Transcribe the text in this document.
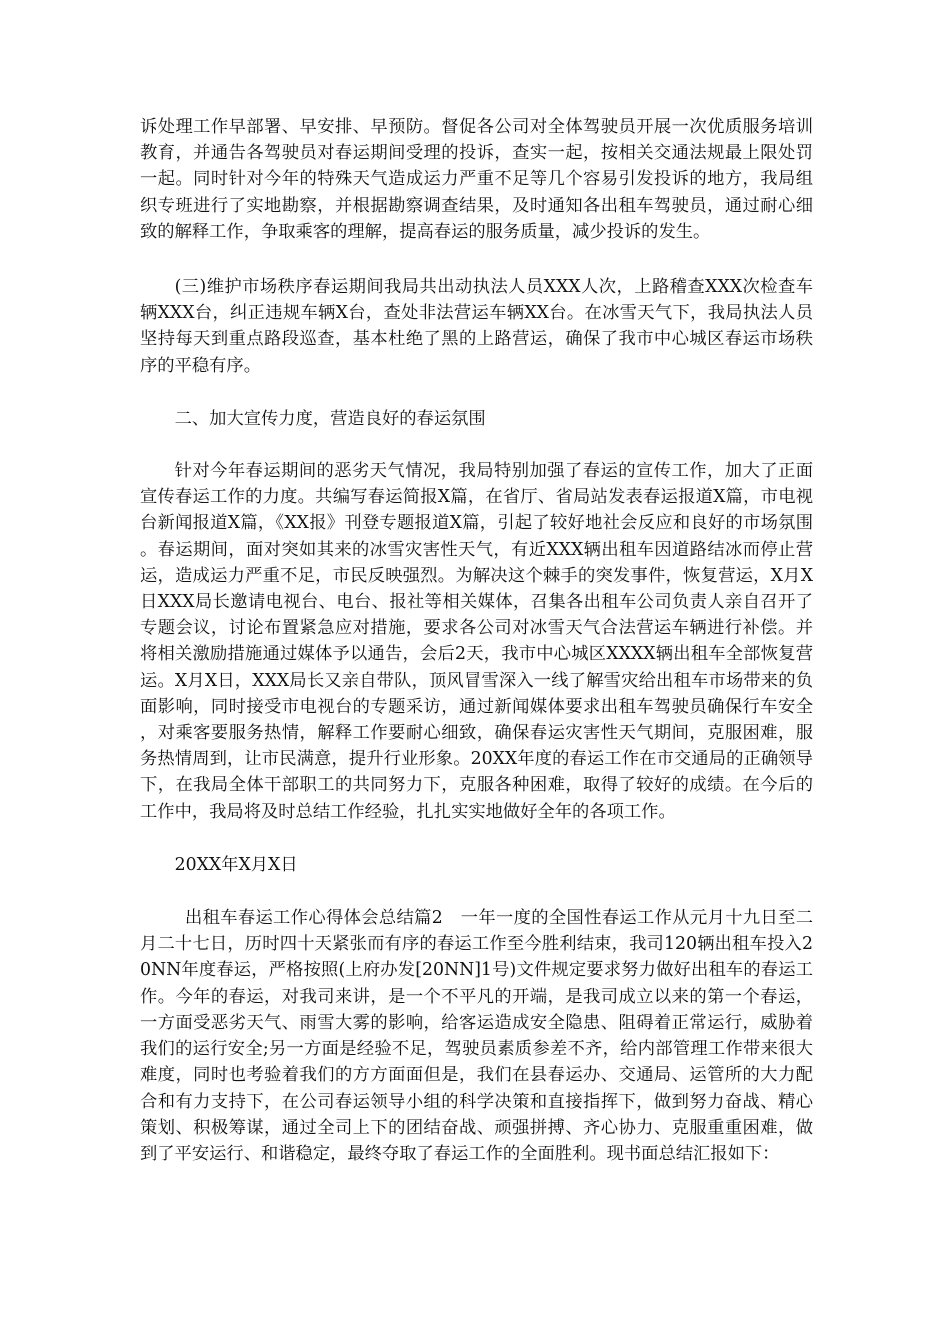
诉处理工作早部署、早安排、早预防。督促各公司对全体驾驶员开展一次优质服务培训教育，并通告各驾驶员对春运期间受理的投诉，查实一起，按相关交通法规最上限处罚一起。同时针对今年的特殊天气造成运力严重不足等几个容易引发投诉的地方，我局组织专班进行了实地勘察，并根据勘察调查结果，及时通知各出租车驾驶员，通过耐心细致的解释工作，争取乘客的理解，提高春运的服务质量，减少投诉的发生。

(三)维护市场秩序春运期间我局共出动执法人员XXX人次，上路稽查XXX次检查车辆XXX台，纠正违规车辆X台，查处非法营运车辆XX台。在冰雪天气下，我局执法人员坚持每天到重点路段巡查，基本杜绝了黑的上路营运，确保了我市中心城区春运市场秩序的平稳有序。

二、加大宣传力度，营造良好的春运氛围

针对今年春运期间的恶劣天气情况，我局特别加强了春运的宣传工作，加大了正面宣传春运工作的力度。共编写春运简报X篇，在省厅、省局站发表春运报道X篇，市电视台新闻报道X篇，《XX报》刊登专题报道X篇，引起了较好地社会反应和良好的市场氛围。春运期间，面对突如其来的冰雪灾害性天气，有近XXX辆出租车因道路结冰而停止营运，造成运力严重不足，市民反映强烈。为解决这个棘手的突发事件，恢复营运，X月X日XXX局长邀请电视台、电台、报社等相关媒体，召集各出租车公司负责人亲自召开了专题会议，讨论布置紧急应对措施，要求各公司对冰雪天气合法营运车辆进行补偿。并将相关激励措施通过媒体予以通告，会后2天，我市中心城区XXXX辆出租车全部恢复营运。X月X日，XXX局长又亲自带队，顶风冒雪深入一线了解雪灾给出租车市场带来的负面影响，同时接受市电视台的专题采访，通过新闻媒体要求出租车驾驶员确保行车安全，对乘客要服务热情，解释工作要耐心细致，确保春运灾害性天气期间，克服困难，服务热情周到，让市民满意，提升行业形象。20XX年度的春运工作在市交通局的正确领导下，在我局全体干部职工的共同努力下，克服各种困难，取得了较好的成绩。在今后的工作中，我局将及时总结工作经验，扎扎实实地做好全年的各项工作。

20XX年X月X日

出租车春运工作心得体会总结篇2　一年一度的全国性春运工作从元月十九日至二月二十七日，历时四十天紧张而有序的春运工作至今胜利结束，我司120辆出租车投入20NN年度春运，严格按照(上府办发[20NN]1号)文件规定要求努力做好出租车的春运工作。今年的春运，对我司来讲，是一个不平凡的开端，是我司成立以来的第一个春运，一方面受恶劣天气、雨雪大雾的影响，给客运造成安全隐患、阻碍着正常运行，威胁着我们的运行安全;另一方面是经验不足，驾驶员素质参差不齐，给内部管理工作带来很大难度，同时也考验着我们的方方面面但是，我们在县春运办、交通局、运管所的大力配合和有力支持下，在公司春运领导小组的科学决策和直接指挥下，做到努力奋战、精心策划、积极筹谋，通过全司上下的团结奋战、顽强拼搏、齐心协力、克服重重困难，做到了平安运行、和谐稳定，最终夺取了春运工作的全面胜利。现书面总结汇报如下：
